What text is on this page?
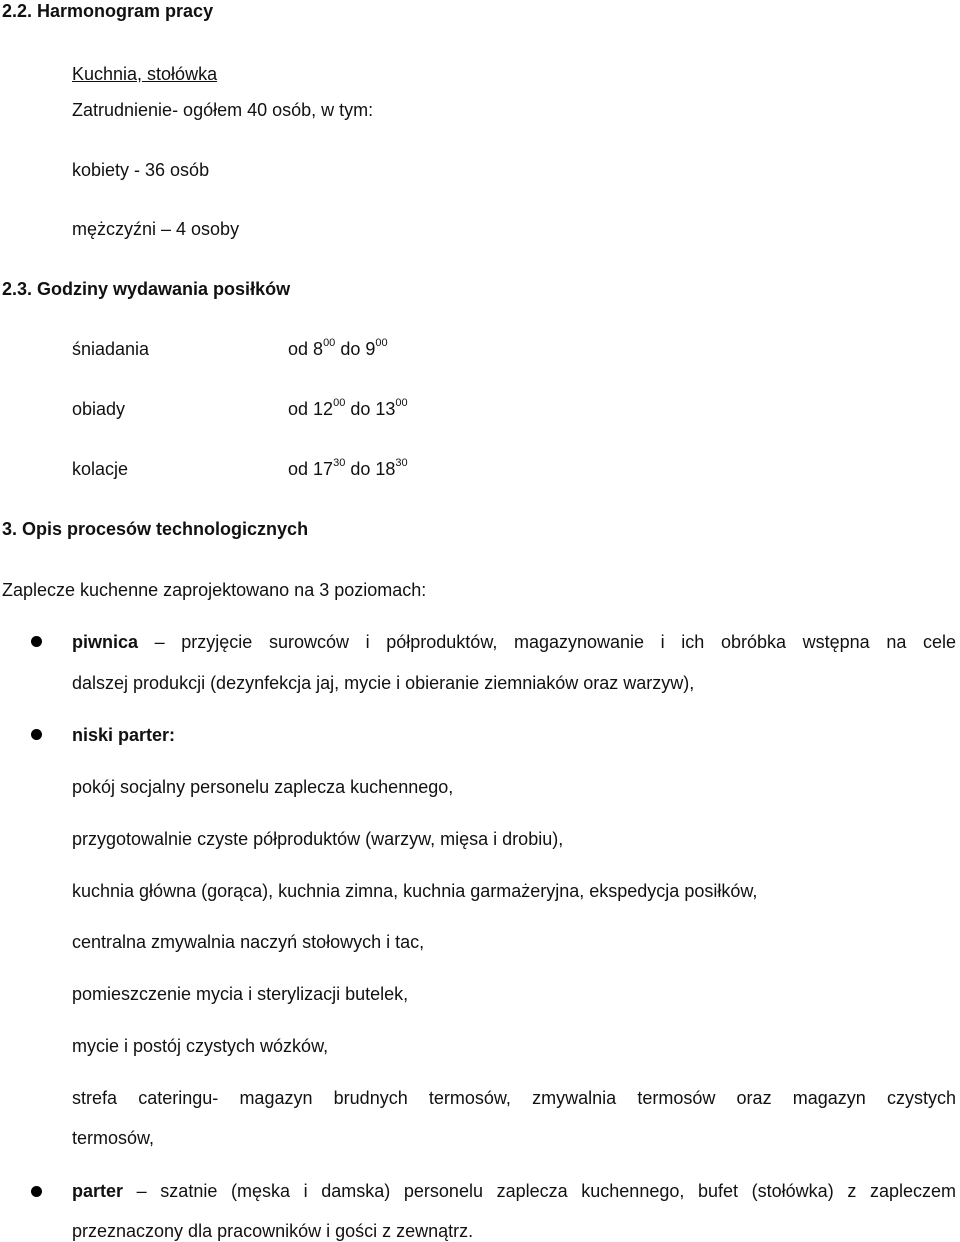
2.2. Harmonogram pracy
Kuchnia, stołówka
Zatrudnienie- ogółem 40 osób, w tym:
kobiety - 36 osób
mężczyźni – 4 osoby
2.3. Godziny wydawania posiłków
śniadania	od $8^{00}$ do $9^{00}$
obiady	od $12^{00}$ do $13^{00}$
kolacje	od $17^{30}$ do $18^{30}$
3. Opis procesów technologicznych
Zaplecze kuchenne zaprojektowano na 3 poziomach:
piwnica – przyjęcie surowców i półproduktów, magazynowanie i ich obróbka wstępna na cele
dalszej produkcji (dezynfekcja jaj, mycie i obieranie ziemniaków oraz warzyw),
niski parter:
pokój socjalny personelu zaplecza kuchennego,
przygotowalnie czyste półproduktów (warzyw, mięsa i drobiu),
kuchnia główna (gorąca), kuchnia zimna, kuchnia garmażeryjna, ekspedycja posiłków,
centralna zmywalnia naczyń stołowych i tac,
pomieszczenie mycia i sterylizacji butelek,
mycie i postój czystych wózków,
strefa cateringu- magazyn brudnych termosów, zmywalnia termosów oraz magazyn czystych
termosów,
parter – szatnie (męska i damska) personelu zaplecza kuchennego, bufet (stołówka) z zapleczem
przeznaczony dla pracowników i gości z zewnątrz.
